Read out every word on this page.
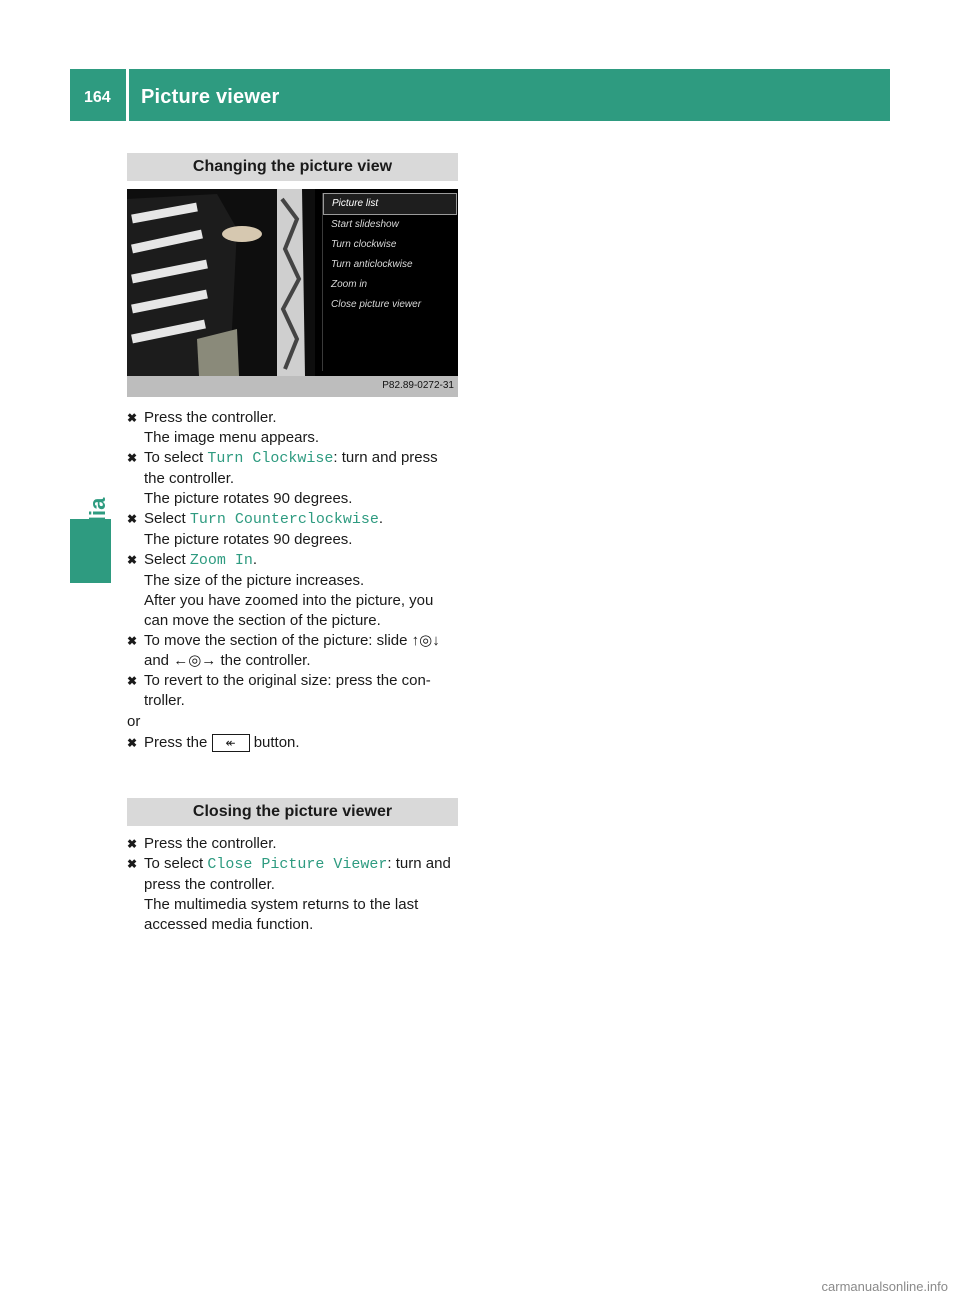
164 Picture viewer
Changing the picture view
Picture list
Start slideshow
Turn clockwise
Turn anticlockwise
Zoom in
Close picture viewer
P82.89-0272-31
✖ Press the controller.
The image menu appears.
✖ To select Turn Clockwise: turn and press
the controller.
The picture rotates 90 degrees.
✖ Select Turn Counterclockwise.
The picture rotates 90 degrees.
✖ Select Zoom In.
The size of the picture increases.
After you have zoomed into the picture, you
can move the section of the picture.
✖ To move the section of the picture: slide ↑◎↓
and ←◎→ the controller.
✖ To revert to the original size: press the con-
troller.
or
✖ Press the ↞ button.
Closing the picture viewer
✖ Press the controller.
✖ To select Close Picture Viewer: turn and
press the controller.
The multimedia system returns to the last
accessed media function.
carmanualsonline.info
